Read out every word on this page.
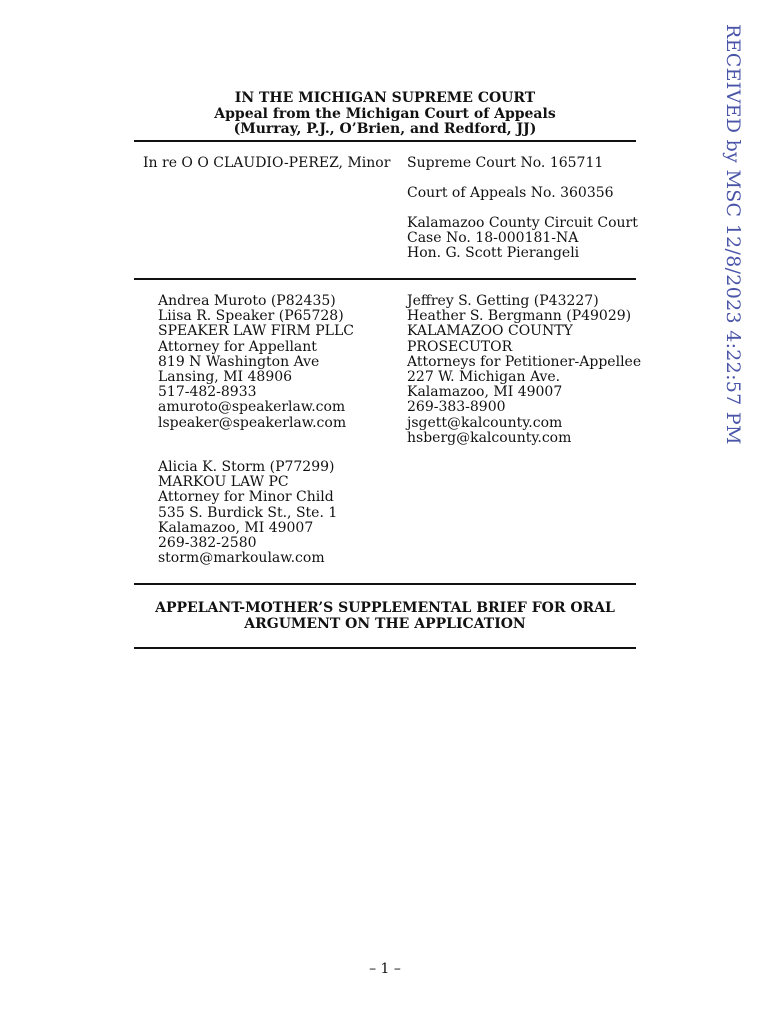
IN THE MICHIGAN SUPREME COURT
Appeal from the Michigan Court of Appeals
(Murray, P.J., O’Brien, and Redford, JJ)
In re O O CLAUDIO-PEREZ, Minor Supreme Court No. 165711
Court of Appeals No. 360356
Kalamazoo County Circuit Court
Case No. 18-000181-NA
Hon. G. Scott Pierangeli
Andrea Muroto (P82435)
Liisa R. Speaker (P65728)
SPEAKER LAW FIRM PLLC
Attorney for Appellant
819 N Washington Ave
Lansing, MI 48906
517-482-8933
amuroto@speakerlaw.com
lspeaker@speakerlaw.com
Jeffrey S. Getting (P43227)
Heather S. Bergmann (P49029)
KALAMAZOO COUNTY
PROSECUTOR
Attorneys for Petitioner-Appellee
227 W. Michigan Ave.
Kalamazoo, MI 49007
269-383-8900
jsgett@kalcounty.com
hsberg@kalcounty.com
Alicia K. Storm (P77299)
MARKOU LAW PC
Attorney for Minor Child
535 S. Burdick St., Ste. 1
Kalamazoo, MI 49007
269-382-2580
storm@markoulaw.com
APPELANT-MOTHER’S SUPPLEMENTAL BRIEF FOR ORAL
ARGUMENT ON THE APPLICATION
– 1 –
RECEIVED by MSC 12/8/2023 4:22:57 PM
